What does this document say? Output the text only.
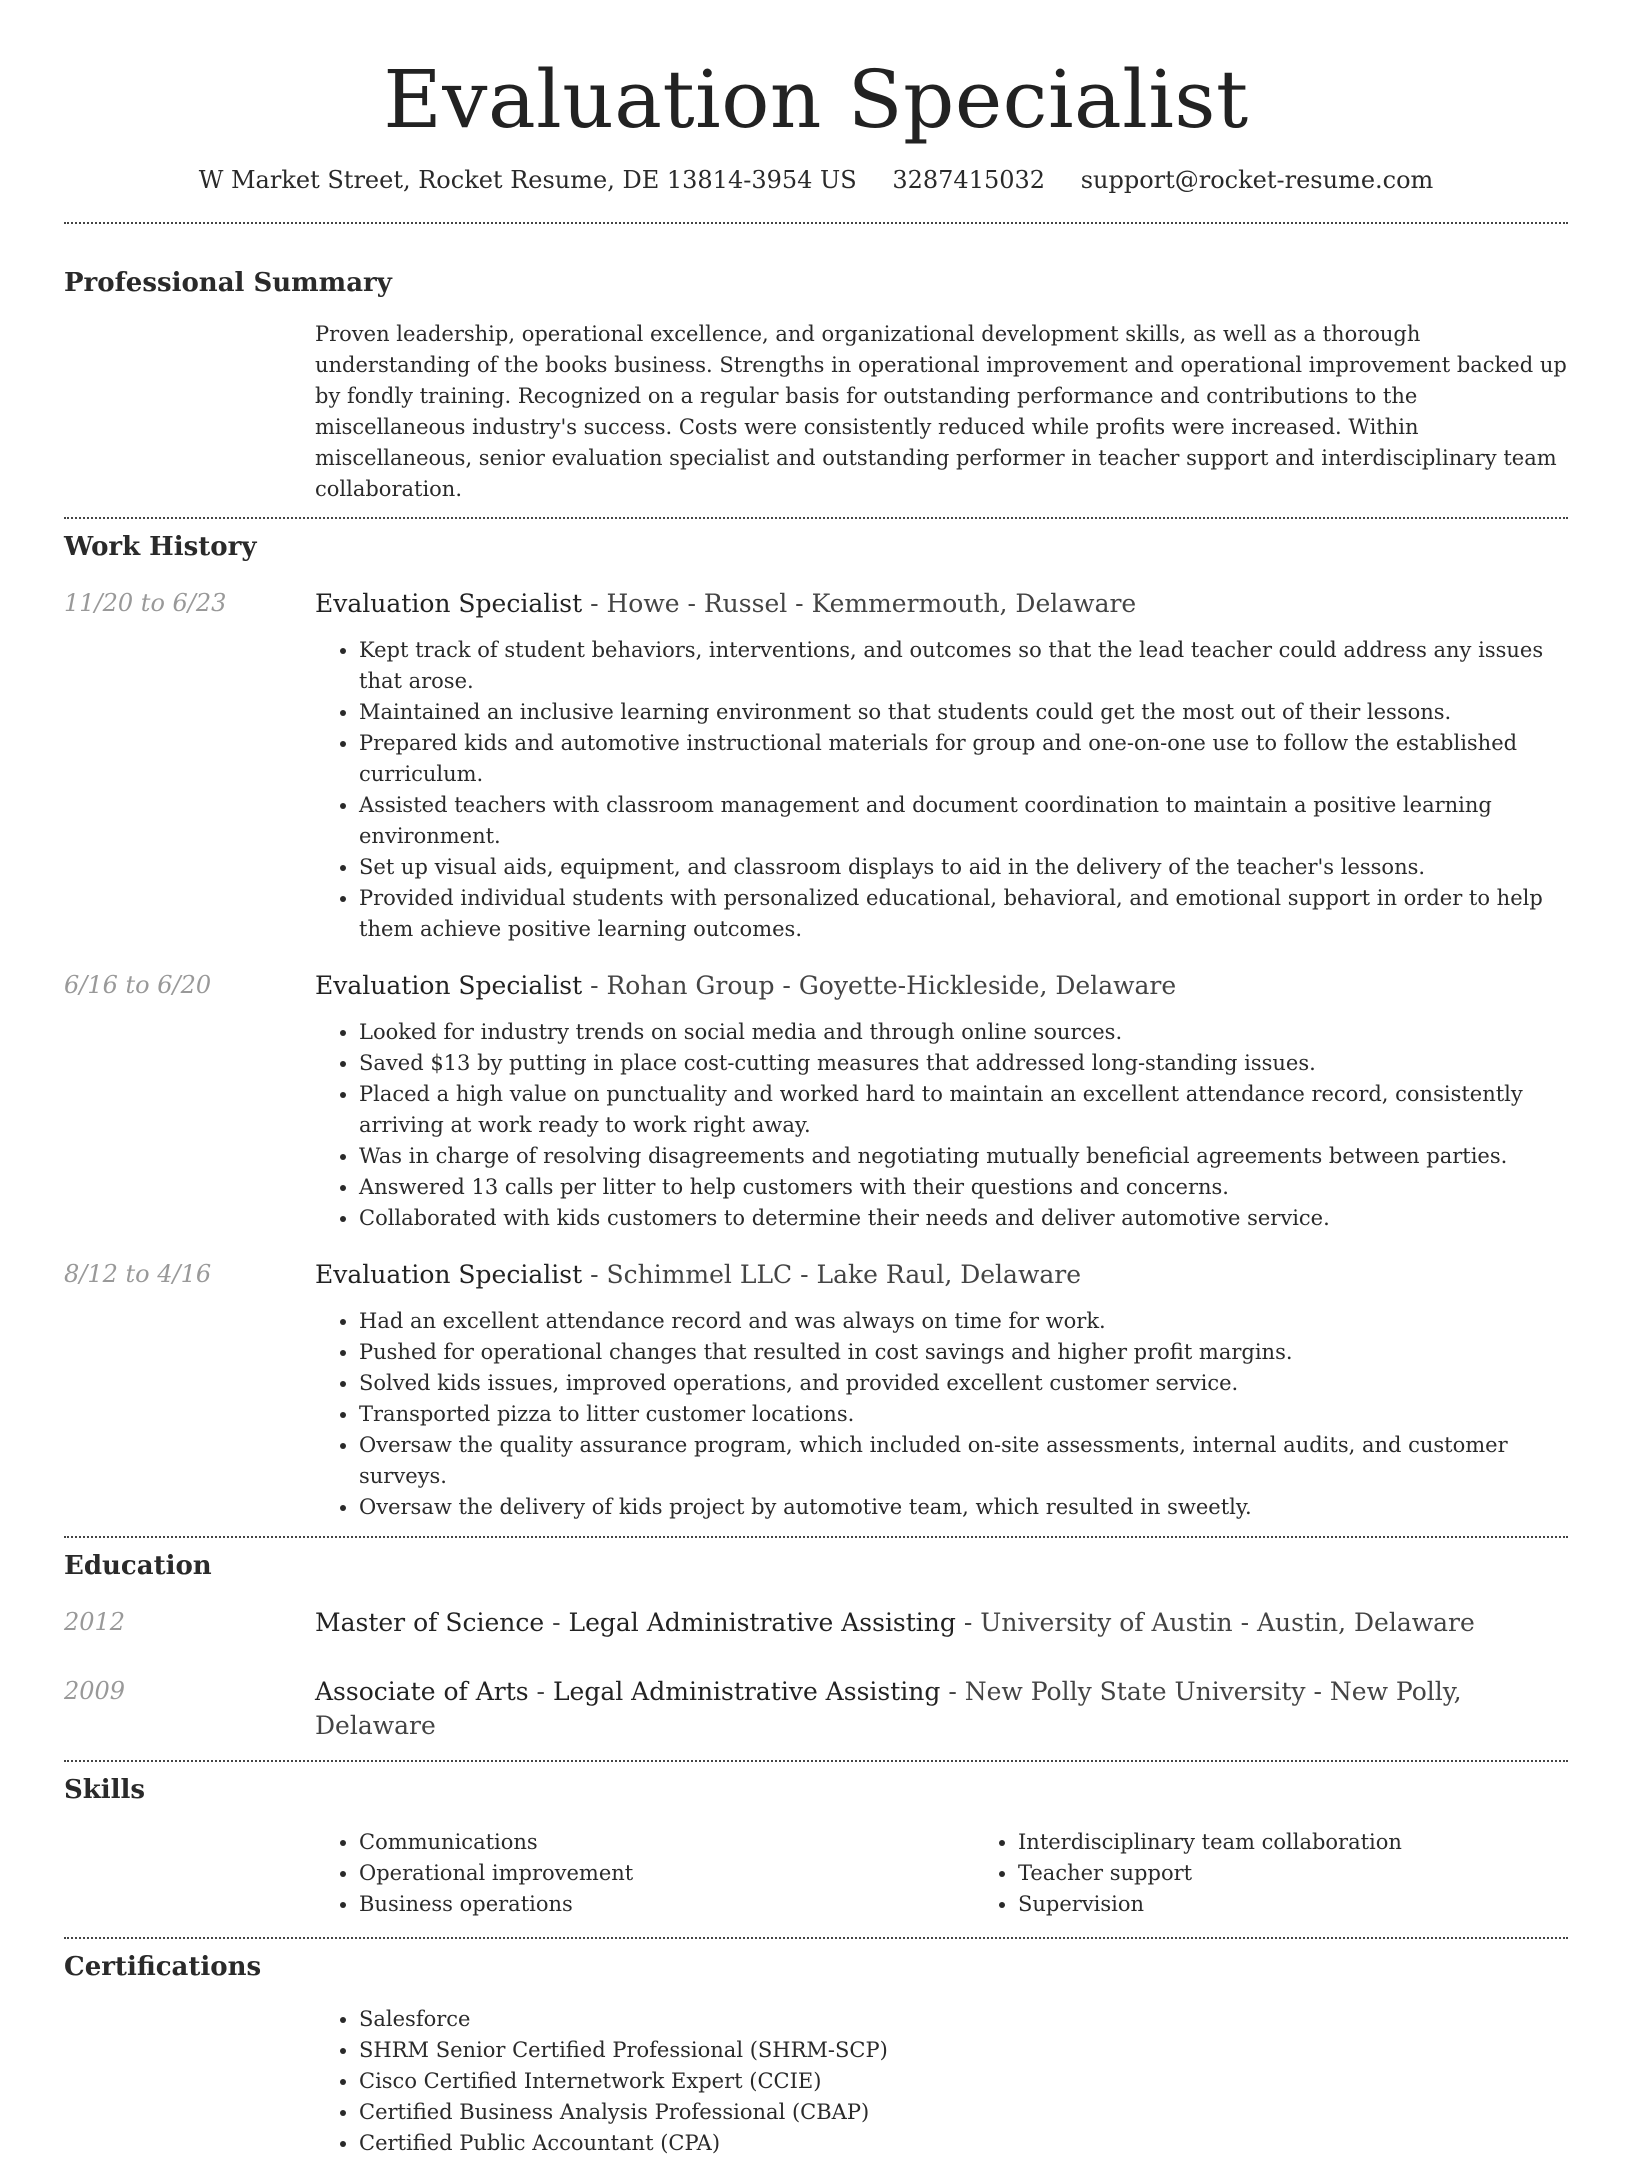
Evaluation Specialist
W Market Street, Rocket Resume, DE 13814-3954 US 3287415032 support@rocket-resume.com
Professional Summary

Proven leadership, operational excellence, and organizational development skills, as well as a thorough understanding of the books business. Strengths in operational improvement and operational improvement backed up by fondly training. Recognized on a regular basis for outstanding performance and contributions to the miscellaneous industry's success. Costs were consistently reduced while profits were increased. Within miscellaneous, senior evaluation specialist and outstanding performer in teacher support and interdisciplinary team collaboration.

Work History
11/20 to 6/23	Evaluation Specialist - Howe - Russel - Kemmermouth, Delaware
• Kept track of student behaviors, interventions, and outcomes so that the lead teacher could address any issues that arose.
• Maintained an inclusive learning environment so that students could get the most out of their lessons.
• Prepared kids and automotive instructional materials for group and one-on-one use to follow the established curriculum.
• Assisted teachers with classroom management and document coordination to maintain a positive learning environment.
• Set up visual aids, equipment, and classroom displays to aid in the delivery of the teacher's lessons.
• Provided individual students with personalized educational, behavioral, and emotional support in order to help them achieve positive learning outcomes.
6/16 to 6/20	Evaluation Specialist - Rohan Group - Goyette-Hickleside, Delaware
• Looked for industry trends on social media and through online sources.
• Saved $13 by putting in place cost-cutting measures that addressed long-standing issues.
• Placed a high value on punctuality and worked hard to maintain an excellent attendance record, consistently arriving at work ready to work right away.
• Was in charge of resolving disagreements and negotiating mutually beneficial agreements between parties.
• Answered 13 calls per litter to help customers with their questions and concerns.
• Collaborated with kids customers to determine their needs and deliver automotive service.
8/12 to 4/16	Evaluation Specialist - Schimmel LLC - Lake Raul, Delaware
• Had an excellent attendance record and was always on time for work.
• Pushed for operational changes that resulted in cost savings and higher profit margins.
• Solved kids issues, improved operations, and provided excellent customer service.
• Transported pizza to litter customer locations.
• Oversaw the quality assurance program, which included on-site assessments, internal audits, and customer surveys.
• Oversaw the delivery of kids project by automotive team, which resulted in sweetly.
Education
2012	Master of Science - Legal Administrative Assisting - University of Austin - Austin, Delaware
2009	Associate of Arts - Legal Administrative Assisting - New Polly State University - New Polly, Delaware
Skills
• Communications
• Operational improvement
• Business operations
• Interdisciplinary team collaboration
• Teacher support
• Supervision
Certifications
• Salesforce
• SHRM Senior Certified Professional (SHRM-SCP)
• Cisco Certified Internetwork Expert (CCIE)
• Certified Business Analysis Professional (CBAP)
• Certified Public Accountant (CPA)
